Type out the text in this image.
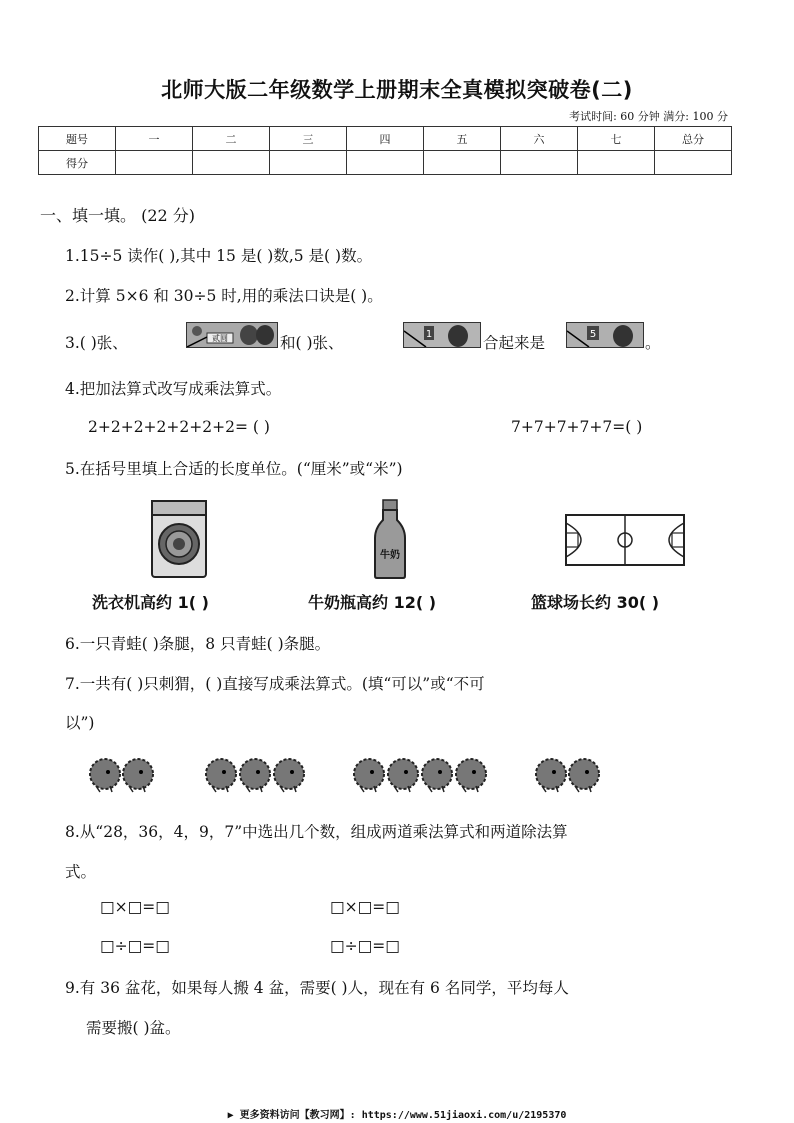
北师大版二年级数学上册期末全真模拟突破卷(二)
考试时间: 60 分钟 满分: 100 分
题号	一	二	三	四	五	六	七	总分
得分								
一、填一填。 (22 分)
1.15÷5 读作( ),其中 15 是( )数,5 是( )数。
2.计算 5×6 和 30÷5 时,用的乘法口诀是( )。
3.( )张、	贰圆	和( )张、	1	合起来是	5	。
4.把加法算式改写成乘法算式。
2+2+2+2+2+2+2= ( )	7+7+7+7+7=( )
5.在括号里填上合适的长度单位。(“厘米”或“米”)
牛奶
洗衣机高约 1( )	牛奶瓶高约 12( )	篮球场长约 30( )
6.一只青蛙( )条腿，8 只青蛙( )条腿。
7.一共有( )只刺猬，( )直接写成乘法算式。(填“可以”或“不可
以”)
8.从“28，36，4，9，7”中选出几个数，组成两道乘法算式和两道除法算
式。
□×□=□	□×□=□
□÷□=□	□÷□=□
9.有 36 盆花，如果每人搬 4 盆，需要( )人，现在有 6 名同学，平均每人
需要搬( )盆。
▶ 更多资料访问【教习网】: https://www.51jiaoxi.com/u/2195370
